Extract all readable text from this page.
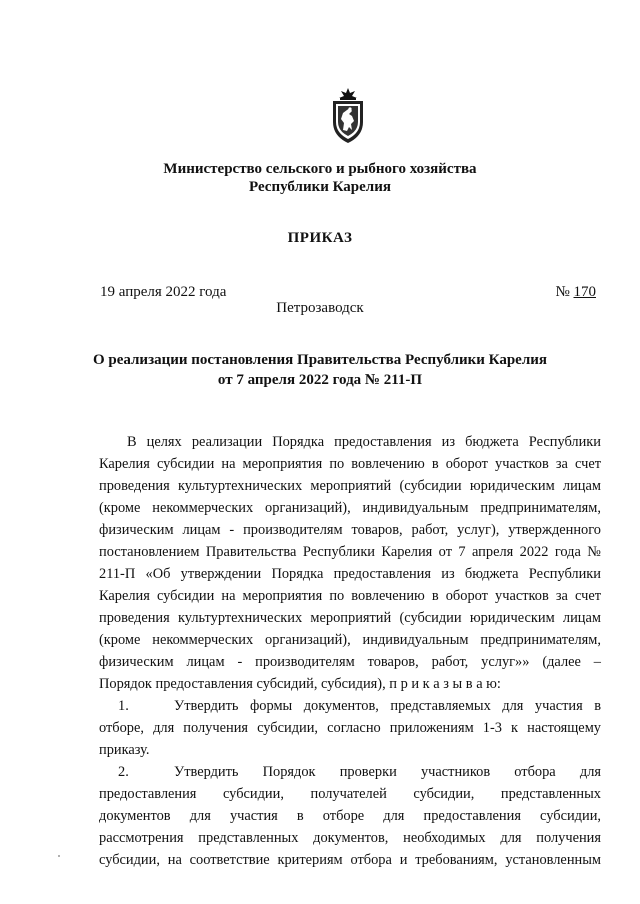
Министерство сельского и рыбного хозяйства
Республики Карелия
ПРИКАЗ
19 апреля 2022 года	№ 170
Петрозаводск
О реализации постановления Правительства Республики Карелия
от 7 апреля 2022 года № 211-П
В целях реализации Порядка предоставления из бюджета Республики
Карелия субсидии на мероприятия по вовлечению в оборот участков за счет
проведения культуртехнических мероприятий (субсидии юридическим лицам
(кроме некоммерческих организаций), индивидуальным предпринимателям,
физическим лицам - производителям товаров, работ, услуг), утвержденного
постановлением Правительства Республики Карелия от 7 апреля 2022 года №
211-П «Об утверждении Порядка предоставления из бюджета Республики
Карелия субсидии на мероприятия по вовлечению в оборот участков за счет
проведения культуртехнических мероприятий (субсидии юридическим лицам
(кроме некоммерческих организаций), индивидуальным предпринимателям,
физическим лицам - производителям товаров, работ, услуг»» (далее –
Порядок предоставления субсидий, субсидия), п р и к а з ы в а ю:
1.	Утвердить формы документов, представляемых для участия в
отборе, для получения субсидии, согласно приложениям 1-3 к настоящему
приказу.
2.	Утвердить Порядок проверки участников отбора для
предоставления субсидии, получателей субсидии, представленных
документов для участия в отборе для предоставления субсидии,
рассмотрения представленных документов, необходимых для получения
субсидии, на соответствие критериям отбора и требованиям, установленным
